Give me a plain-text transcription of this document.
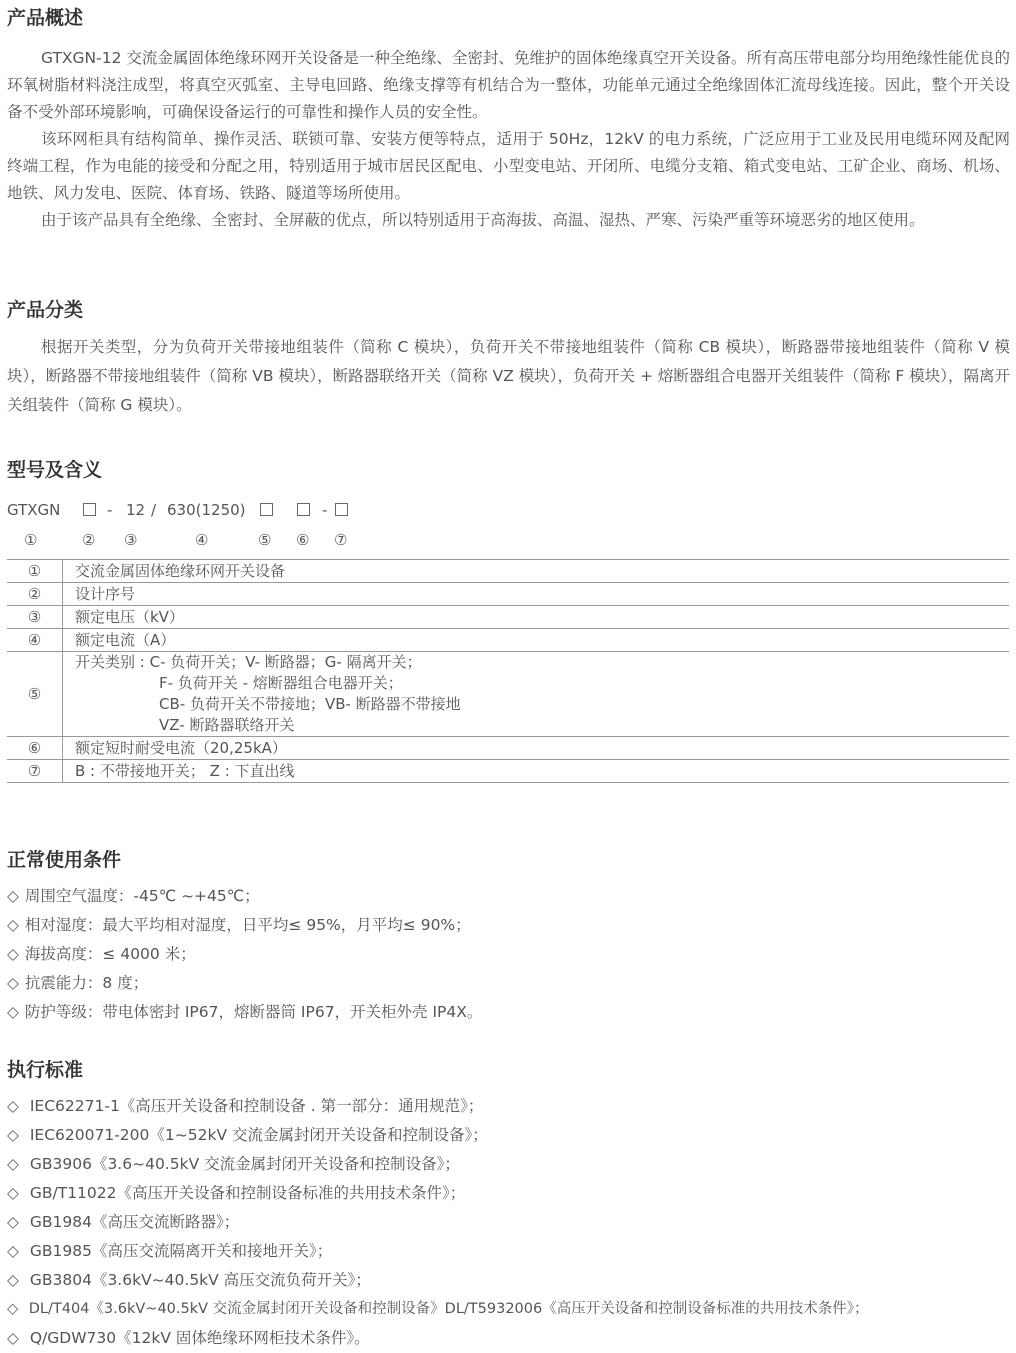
产品概述

GTXGN-12 交流金属固体绝缘环网开关设备是一种全绝缘、全密封、免维护的固体绝缘真空开关设备。所有高压带电部分均用绝缘性能优良的环氧树脂材料浇注成型，将真空灭弧室、主导电回路、绝缘支撑等有机结合为一整体，功能单元通过全绝缘固体汇流母线连接。因此，整个开关设备不受外部环境影响，可确保设备运行的可靠性和操作人员的安全性。

该环网柜具有结构简单、操作灵活、联锁可靠、安装方便等特点，适用于 50Hz，12kV 的电力系统，广泛应用于工业及民用电缆环网及配网终端工程，作为电能的接受和分配之用，特别适用于城市居民区配电、小型变电站、开闭所、电缆分支箱、箱式变电站、工矿企业、商场、机场、地铁、风力发电、医院、体育场、铁路、隧道等场所使用。

由于该产品具有全绝缘、全密封、全屏蔽的优点，所以特别适用于高海拔、高温、湿热、严寒、污染严重等环境恶劣的地区使用。

产品分类

根据开关类型，分为负荷开关带接地组装件（简称 C 模块），负荷开关不带接地组装件（简称 CB 模块），断路器带接地组装件（简称 V 模块），断路器不带接地组装件（简称 VB 模块），断路器联络开关（简称 VZ 模块），负荷开关 + 熔断器组合电器开关组装件（简称 F 模块），隔离开关组装件（简称 G 模块）。

型号及含义
GTXGN	- 12 / 630(1250)	-
①	② ③	④	⑤ ⑥ ⑦
①	交流金属固体绝缘环网开关设备
②	设计序号
③	额定电压（kV）
④	额定电流（A）
⑤	开关类别 : C- 负荷开关；V- 断路器；G- 隔离开关；
F- 负荷开关 - 熔断器组合电器开关；
CB- 负荷开关不带接地；VB- 断路器不带接地
VZ- 断路器联络开关

⑥	额定短时耐受电流（20,25kA）
⑦	B : 不带接地开关； Z : 下直出线
正常使用条件
◇ 周围空气温度：-45℃ ~+45℃；
◇ 相对湿度：最大平均相对湿度，日平均≤ 95%，月平均≤ 90%；
◇ 海拔高度：≤ 4000 米；
◇ 抗震能力：8 度；
◇ 防护等级：带电体密封 IP67，熔断器筒 IP67，开关柜外壳 IP4X。
执行标准
◇ IEC62271-1《高压开关设备和控制设备 . 第一部分：通用规范》；
◇ IEC620071-200《1~52kV 交流金属封闭开关设备和控制设备》；
◇ GB3906《3.6~40.5kV 交流金属封闭开关设备和控制设备》；
◇ GB/T11022《高压开关设备和控制设备标准的共用技术条件》；
◇ GB1984《高压交流断路器》；
◇ GB1985《高压交流隔离开关和接地开关》；
◇ GB3804《3.6kV~40.5kV 高压交流负荷开关》；
◇ DL/T404《3.6kV~40.5kV 交流金属封闭开关设备和控制设备》DL/T5932006《高压开关设备和控制设备标准的共用技术条件》；
◇ Q/GDW730《12kV 固体绝缘环网柜技术条件》。
